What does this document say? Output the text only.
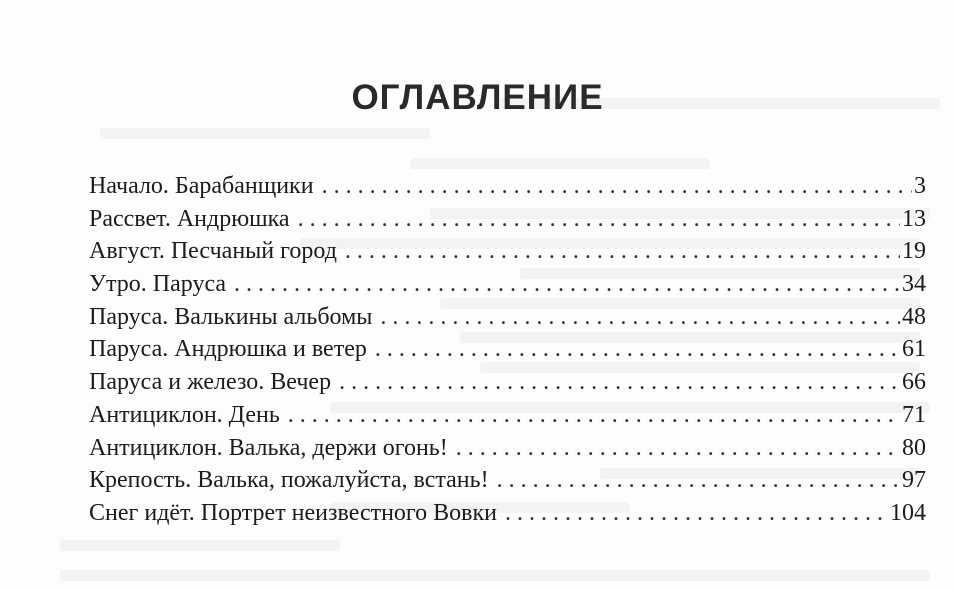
ОГЛАВЛЕНИЕ
Начало. Барабанщики . . .	3
Рассвет. Андрюшка . . .	13
Август. Песчаный город . . .	19
Утро. Паруса . . .	34
Паруса. Валькины альбомы . . .	48
Паруса. Андрюшка и ветер . . .	61
Паруса и железо. Вечер . . .	66
Антициклон. День . . .	71
Антициклон. Валька, держи огонь! . . .	80
Крепость. Валька, пожалуйста, встань! . . .	97
Снег идёт. Портрет неизвестного Вовки . . .	104
